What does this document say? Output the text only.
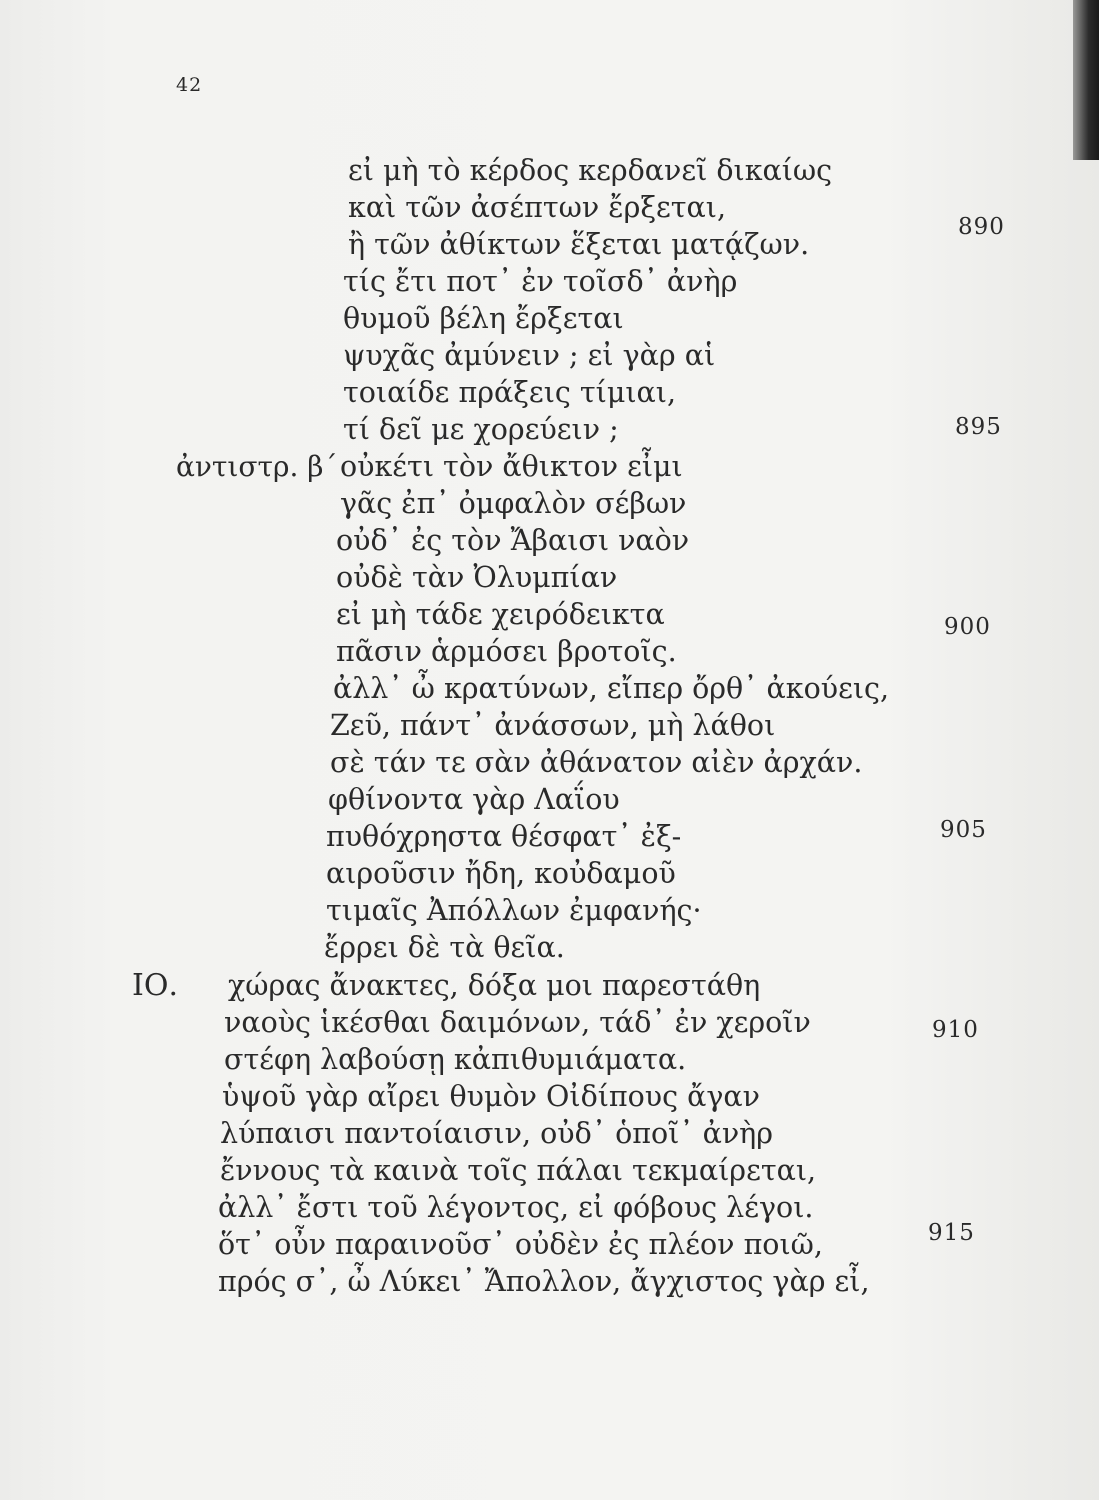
42
εἰ μὴ τὸ κέρδος κερδανεῖ δικαίως
καὶ τῶν ἀσέπτων ἔρξεται,
ἢ τῶν ἀθίκτων ἕξεται ματᾴζων.
τίς ἔτι ποτ᾽ ἐν τοῖσδ᾽ ἀνὴρ
θυμοῦ βέλη ἔρξεται
ψυχᾶς ἀμύνειν ; εἰ γὰρ αἱ
τοιαίδε πράξεις τίμιαι,
τί δεῖ με χορεύειν ;
ἀντιστρ. β´ οὐκέτι τὸν ἄθικτον εἶμι
γᾶς ἐπ᾽ ὀμφαλὸν σέβων
οὐδ᾽ ἐς τὸν Ἄβαισι ναὸν
οὐδὲ τὰν Ὀλυμπίαν
εἰ μὴ τάδε χειρόδεικτα
πᾶσιν ἁρμόσει βροτοῖς.
ἀλλ᾽ ὦ κρατύνων, εἴπερ ὄρθ᾽ ἀκούεις,
Ζεῦ, πάντ᾽ ἀνάσσων, μὴ λάθοι
σὲ τάν τε σὰν ἀθάνατον αἰὲν ἀρχάν.
φθίνοντα γὰρ Λαΐου
πυθόχρηστα θέσφατ᾽ ἐξ-
αιροῦσιν ἤδη, κοὐδαμοῦ
τιμαῖς Ἀπόλλων ἐμφανής·
ἔρρει δὲ τὰ θεῖα.
ΙΟ. χώρας ἄνακτες, δόξα μοι παρεστάθη
ναοὺς ἱκέσθαι δαιμόνων, τάδ᾽ ἐν χεροῖν
στέφη λαβούσῃ κἀπιθυμιάματα.
ὑψοῦ γὰρ αἴρει θυμὸν Οἰδίπους ἄγαν
λύπαισι παντοίαισιν, οὐδ᾽ ὁποῖ᾽ ἀνὴρ
ἔννους τὰ καινὰ τοῖς πάλαι τεκμαίρεται,
ἀλλ᾽ ἔστι τοῦ λέγοντος, εἰ φόβους λέγοι.
ὅτ᾽ οὖν παραινοῦσ᾽ οὐδὲν ἐς πλέον ποιῶ,
πρός σ᾽, ὦ Λύκει᾽ Ἄπολλον, ἄγχιστος γὰρ εἶ,
890
895
900
905
910
915
